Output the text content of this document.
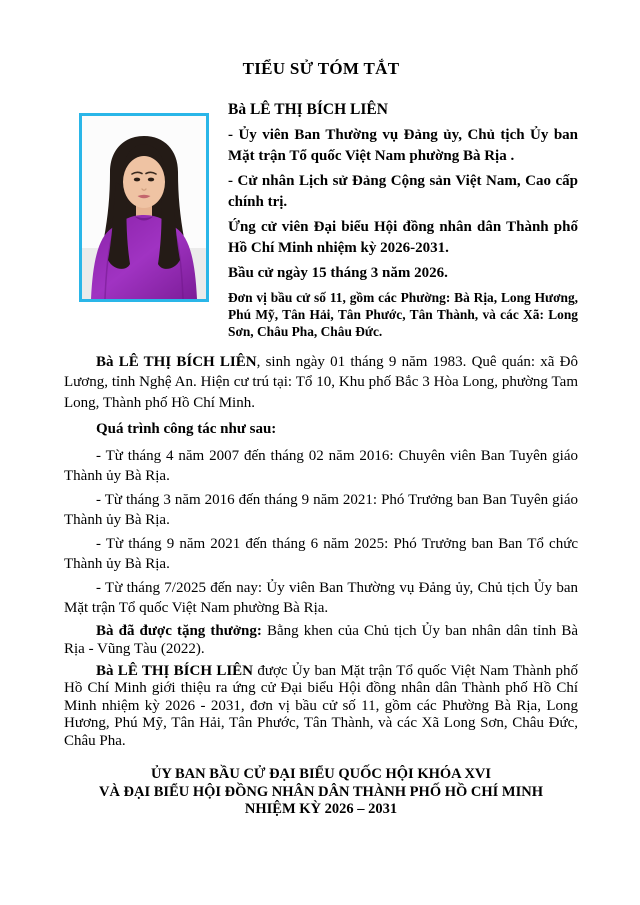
TIỂU SỬ TÓM TẮT

Bà LÊ THỊ BÍCH LIÊN

- Ủy viên Ban Thường vụ Đảng ủy, Chủ tịch Ủy ban Mặt trận Tổ quốc Việt Nam phường Bà Rịa .

- Cử nhân Lịch sử Đảng Cộng sản Việt Nam, Cao cấp chính trị.

Ứng cử viên Đại biểu Hội đồng nhân dân Thành phố Hồ Chí Minh nhiệm kỳ 2026-2031.

Bầu cử ngày 15 tháng 3 năm 2026.

Đơn vị bầu cử số 11, gồm các Phường: Bà Rịa, Long Hương, Phú Mỹ, Tân Hải, Tân Phước, Tân Thành, và các Xã: Long Sơn, Châu Pha, Châu Đức.

Bà LÊ THỊ BÍCH LIÊN, sinh ngày 01 tháng 9 năm 1983. Quê quán: xã Đô Lương, tỉnh Nghệ An. Hiện cư trú tại: Tổ 10, Khu phố Bắc 3 Hòa Long, phường Tam Long, Thành phố Hồ Chí Minh.

Quá trình công tác như sau:

- Từ tháng 4 năm 2007 đến tháng 02 năm 2016: Chuyên viên Ban Tuyên giáo Thành ủy Bà Rịa.

- Từ tháng 3 năm 2016 đến tháng 9 năm 2021: Phó Trưởng ban Ban Tuyên giáo Thành ủy Bà Rịa.

- Từ tháng 9 năm 2021 đến tháng 6 năm 2025: Phó Trưởng ban Ban Tổ chức Thành ủy Bà Rịa.

- Từ tháng 7/2025 đến nay: Ủy viên Ban Thường vụ Đảng ủy, Chủ tịch Ủy ban Mặt trận Tổ quốc Việt Nam phường Bà Rịa.

Bà đã được tặng thưởng: Bằng khen của Chủ tịch Ủy ban nhân dân tỉnh Bà Rịa - Vũng Tàu (2022).

Bà LÊ THỊ BÍCH LIÊN được Ủy ban Mặt trận Tổ quốc Việt Nam Thành phố Hồ Chí Minh giới thiệu ra ứng cử Đại biểu Hội đồng nhân dân Thành phố Hồ Chí Minh nhiệm kỳ 2026 - 2031, đơn vị bầu cử số 11, gồm các Phường Bà Rịa, Long Hương, Phú Mỹ, Tân Hải, Tân Phước, Tân Thành, và các Xã Long Sơn, Châu Đức, Châu Pha.

ỦY BAN BẦU CỬ ĐẠI BIỂU QUỐC HỘI KHÓA XVI

VÀ ĐẠI BIỂU HỘI ĐỒNG NHÂN DÂN THÀNH PHỐ HỒ CHÍ MINH

NHIỆM KỲ 2026 – 2031
